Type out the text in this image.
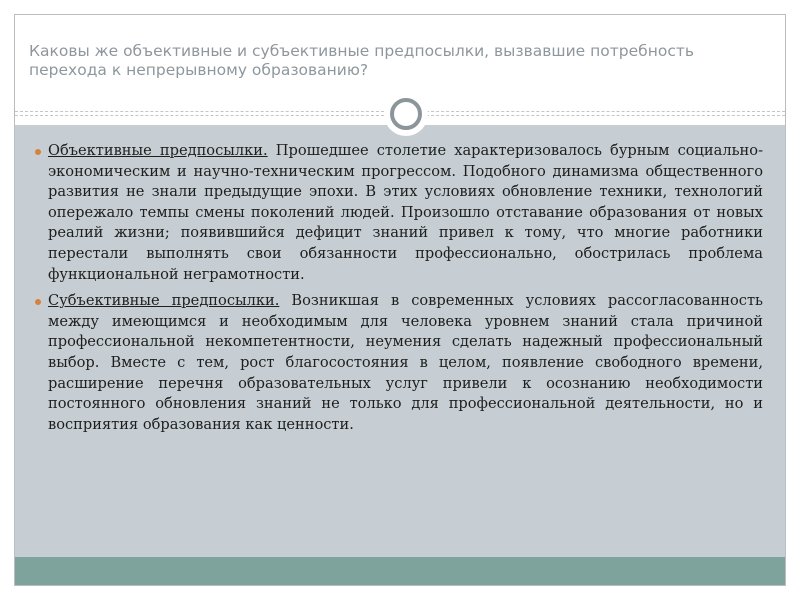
Каковы же объективные и субъективные предпосылки, вызвавшие потребность перехода к непрерывному образованию?
Объективные предпосылки. Прошедшее столетие характеризовалось бурным социально-экономическим и научно-техническим прогрессом. Подобного динамизма общественного развития не знали предыдущие эпохи. В этих условиях обновление техники, технологий опережало темпы смены поколений людей. Произошло отставание образования от новых реалий жизни; появившийся дефицит знаний привел к тому, что многие работники перестали выполнять свои обязанности профессионально, обострилась проблема функциональной неграмотности.
Субъективные предпосылки. Возникшая в современных условиях рассогласованность между имеющимся и необходимым для человека уровнем знаний стала причиной профессиональной некомпетентности, неумения сделать надежный профессиональный выбор. Вместе с тем, рост благосостояния в целом, появление свободного времени, расширение перечня образовательных услуг привели к осознанию необходимости постоянного обновления знаний не только для профессиональной деятельности, но и восприятия образования как ценности.
